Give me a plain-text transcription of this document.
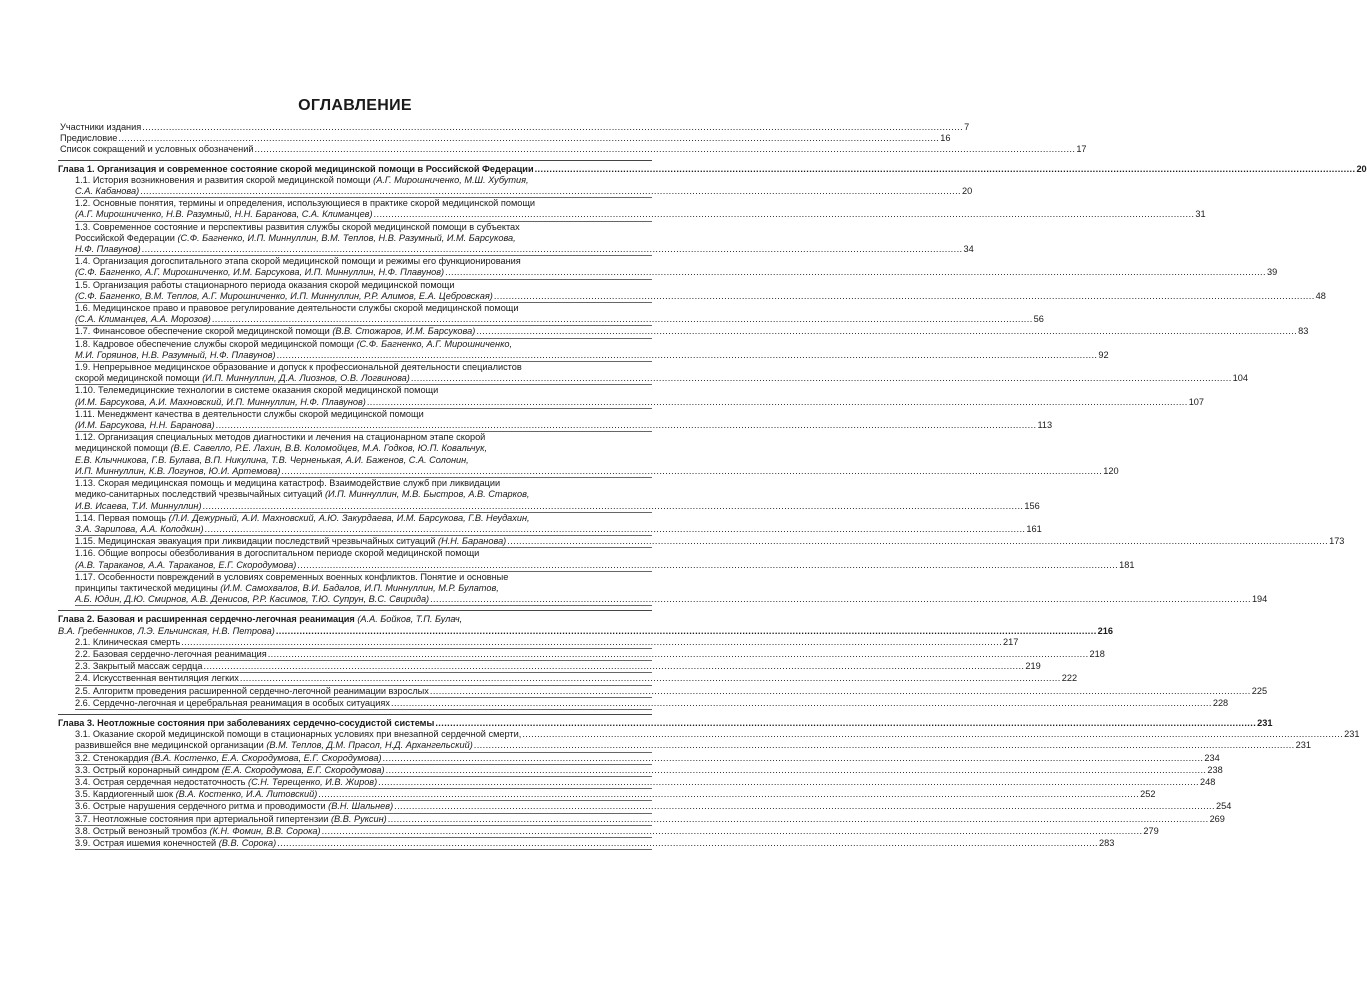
ОГЛАВЛЕНИЕ
Участники издания .....	7
Предисловие .....	16
Список сокращений и условных обозначений .....	17
Глава 1. Организация и современное состояние скорой медицинской помощи в Российской Федерации .....	20
1.1. История возникновения и развития скорой медицинской помощи (А.Г. Мирошниченко, М.Ш. Хубутия,
С.А. Кабанова) .....	20
1.2. Основные понятия, термины и определения, использующиеся в практике скорой медицинской помощи
(А.Г. Мирошниченко, Н.В. Разумный, Н.Н. Баранова, С.А. Климанцев) .....	31
1.3. Современное состояние и перспективы развития службы скорой медицинской помощи в субъектах
Российской Федерации (С.Ф. Багненко, И.П. Миннуллин, В.М. Теплов, Н.В. Разумный, И.М. Барсукова,
Н.Ф. Плавунов) .....	34
1.4. Организация догоспитального этапа скорой медицинской помощи и режимы его функционирования
(С.Ф. Багненко, А.Г. Мирошниченко, И.М. Барсукова, И.П. Миннуллин, Н.Ф. Плавунов) .....	39
1.5. Организация работы стационарного периода оказания скорой медицинской помощи
(С.Ф. Багненко, В.М. Теплов, А.Г. Мирошниченко, И.П. Миннуллин, Р.Р. Алимов, Е.А. Цебровская) .....	48
1.6. Медицинское право и правовое регулирование деятельности службы скорой медицинской помощи
(С.А. Климанцев, А.А. Морозов) .....	56
1.7. Финансовое обеспечение скорой медицинской помощи (В.В. Стожаров, И.М. Барсукова) .....	83
1.8. Кадровое обеспечение службы скорой медицинской помощи (С.Ф. Багненко, А.Г. Мирошниченко,
М.И. Горяинов, Н.В. Разумный, Н.Ф. Плавунов) .....	92
1.9. Непрерывное медицинское образование и допуск к профессиональной деятельности специалистов
скорой медицинской помощи (И.П. Миннуллин, Д.А. Лиознов, О.В. Логвинова) .....	104
1.10. Телемедицинские технологии в системе оказания скорой медицинской помощи
(И.М. Барсукова, А.И. Махновский, И.П. Миннуллин, Н.Ф. Плавунов) .....	107
1.11. Менеджмент качества в деятельности службы скорой медицинской помощи
(И.М. Барсукова, Н.Н. Баранова) .....	113
1.12. Организация специальных методов диагностики и лечения на стационарном этапе скорой
медицинской помощи (В.Е. Савелло, Р.Е. Лахин, В.В. Коломойцев, М.А. Годков, Ю.П. Ковальчук,
Е.В. Клычникова, Г.В. Булава, В.П. Никулина, Т.В. Черненькая, А.И. Баженов, С.А. Солонин,
И.П. Миннуллин, К.В. Логунов, Ю.И. Артемова) .....	120
1.13. Скорая медицинская помощь и медицина катастроф. Взаимодействие служб при ликвидации
медико-санитарных последствий чрезвычайных ситуаций (И.П. Миннуллин, М.В. Быстров, А.В. Старков,
И.В. Исаева, Т.И. Миннуллин) .....	156
1.14. Первая помощь (Л.И. Дежурный, А.И. Махновский, А.Ю. Закурдаева, И.М. Барсукова, Г.В. Неудахин,
З.А. Зарипова, А.А. Колодкин) .....	161
1.15. Медицинская эвакуация при ликвидации последствий чрезвычайных ситуаций (Н.Н. Баранова) .....	173
1.16. Общие вопросы обезболивания в догоспитальном периоде скорой медицинской помощи
(А.В. Тараканов, А.А. Тараканов, Е.Г. Скородумова) .....	181
1.17. Особенности повреждений в условиях современных военных конфликтов. Понятие и основные
принципы тактической медицины (И.М. Самохвалов, В.И. Бадалов, И.П. Миннуллин, М.Р. Булатов,
А.Б. Юдин, Д.Ю. Смирнов, А.В. Денисов, Р.Р. Касимов, Т.Ю. Супрун, В.С. Свирида) .....	194
Глава 2. Базовая и расширенная сердечно-легочная реанимация (А.А. Бойков, Т.П. Булач,
В.А. Гребенников, Л.Э. Ельчинская, Н.В. Петрова) .....	216
2.1. Клиническая смерть .....	217
2.2. Базовая сердечно-легочная реанимация .....	218
2.3. Закрытый массаж сердца .....	219
2.4. Искусственная вентиляция легких .....	222
2.5. Алгоритм проведения расширенной сердечно-легочной реанимации взрослых .....	225
2.6. Сердечно-легочная и церебральная реанимация в особых ситуациях .....	228
Глава 3. Неотложные состояния при заболеваниях сердечно-сосудистой системы .....	231
3.1. Оказание скорой медицинской помощи в стационарных условиях при внезапной сердечной смерти, .....	231
развившейся вне медицинской организации (В.М. Теплов, Д.М. Прасол, Н.Д. Архангельский) .....	231
3.2. Стенокардия (В.А. Костенко, Е.А. Скородумова, Е.Г. Скородумова) .....	234
3.3. Острый коронарный синдром (Е.А. Скородумова, Е.Г. Скородумова) .....	238
3.4. Острая сердечная недостаточность (С.Н. Терещенко, И.В. Жиров) .....	248
3.5. Кардиогенный шок (В.А. Костенко, И.А. Литовский) .....	252
3.6. Острые нарушения сердечного ритма и проводимости (В.Н. Шальнев) .....	254
3.7. Неотложные состояния при артериальной гипертензии (В.В. Руксин) .....	269
3.8. Острый венозный тромбоз (К.Н. Фомин, В.В. Сорока) .....	279
3.9. Острая ишемия конечностей (В.В. Сорока) .....	283
